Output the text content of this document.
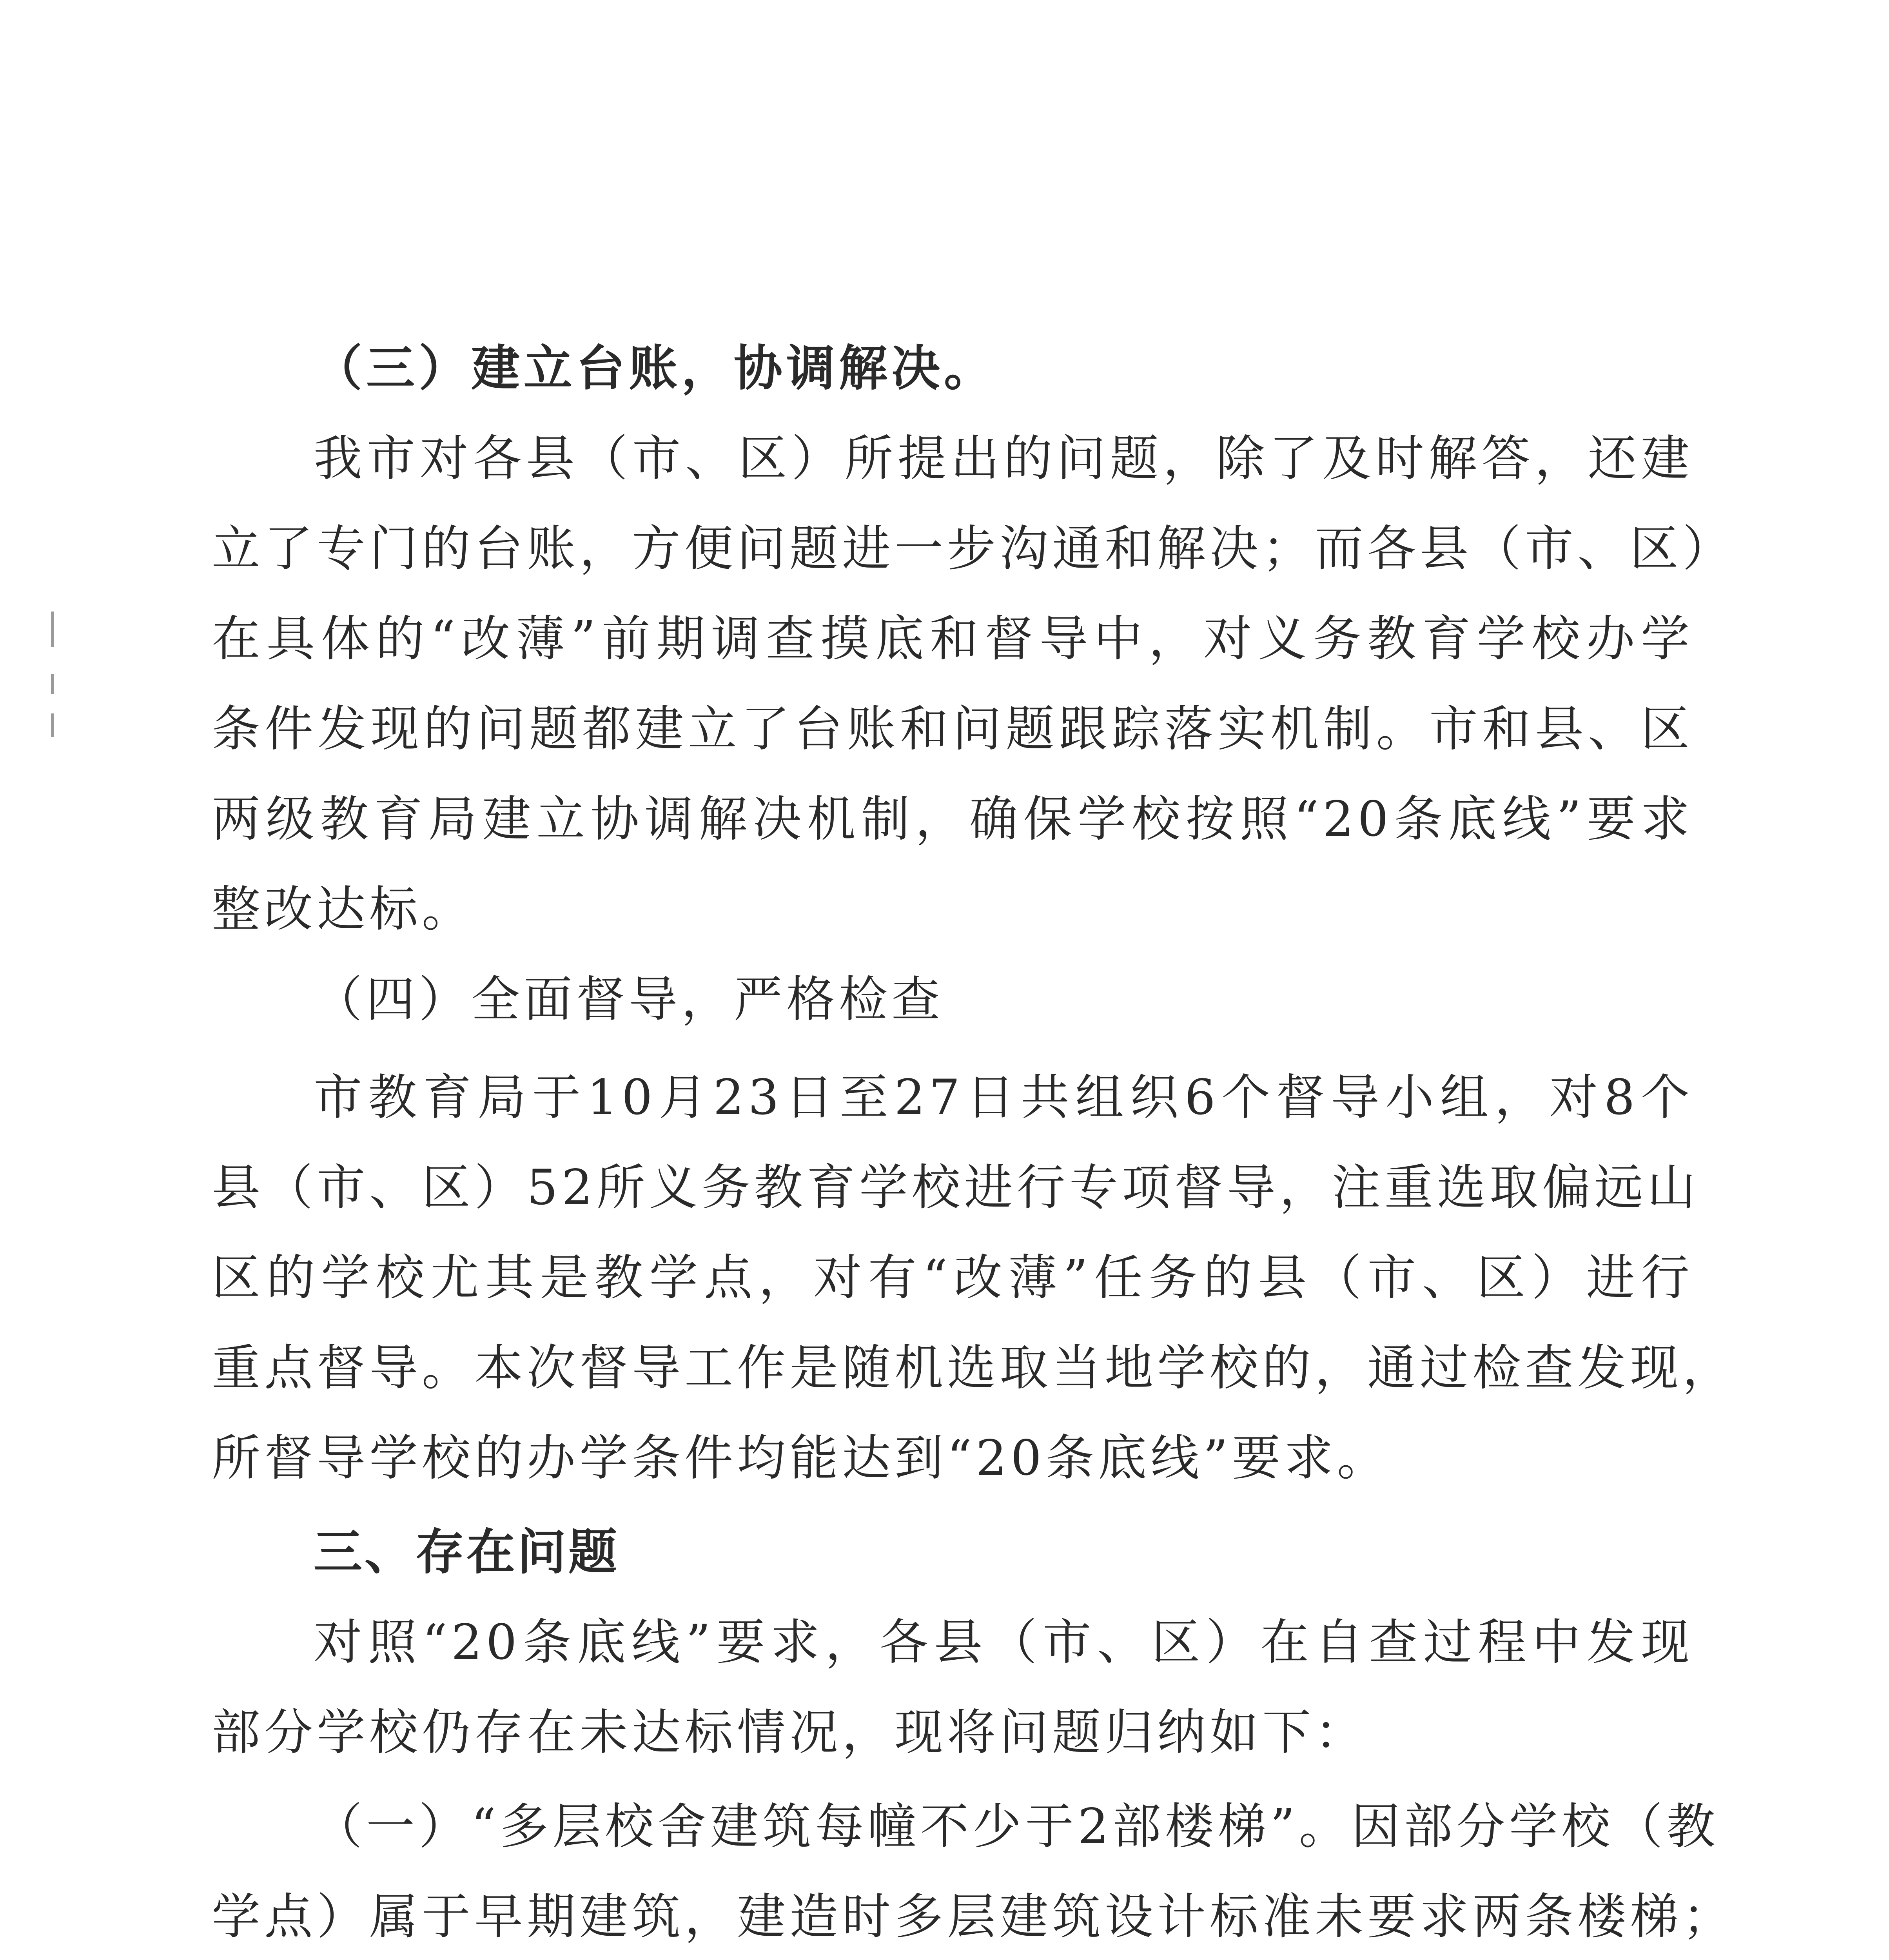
（三）建立台账，协调解决。
我市对各县（市、区）所提出的问题，除了及时解答，还建
立了专门的台账，方便问题进一步沟通和解决；而各县（市、区）
在具体的“改薄”前期调查摸底和督导中，对义务教育学校办学
条件发现的问题都建立了台账和问题跟踪落实机制。市和县、区
两级教育局建立协调解决机制，确保学校按照“20条底线”要求
整改达标。
（四）全面督导，严格检查
市教育局于10月23日至27日共组织6个督导小组，对8个
县（市、区）52所义务教育学校进行专项督导，注重选取偏远山
区的学校尤其是教学点，对有“改薄”任务的县（市、区）进行
重点督导。本次督导工作是随机选取当地学校的，通过检查发现，
所督导学校的办学条件均能达到“20条底线”要求。
三、存在问题
对照“20条底线”要求，各县（市、区）在自查过程中发现
部分学校仍存在未达标情况，现将问题归纳如下：
（一）“多层校舍建筑每幢不少于2部楼梯”。因部分学校（教
学点）属于早期建筑，建造时多层建筑设计标准未要求两条楼梯；
